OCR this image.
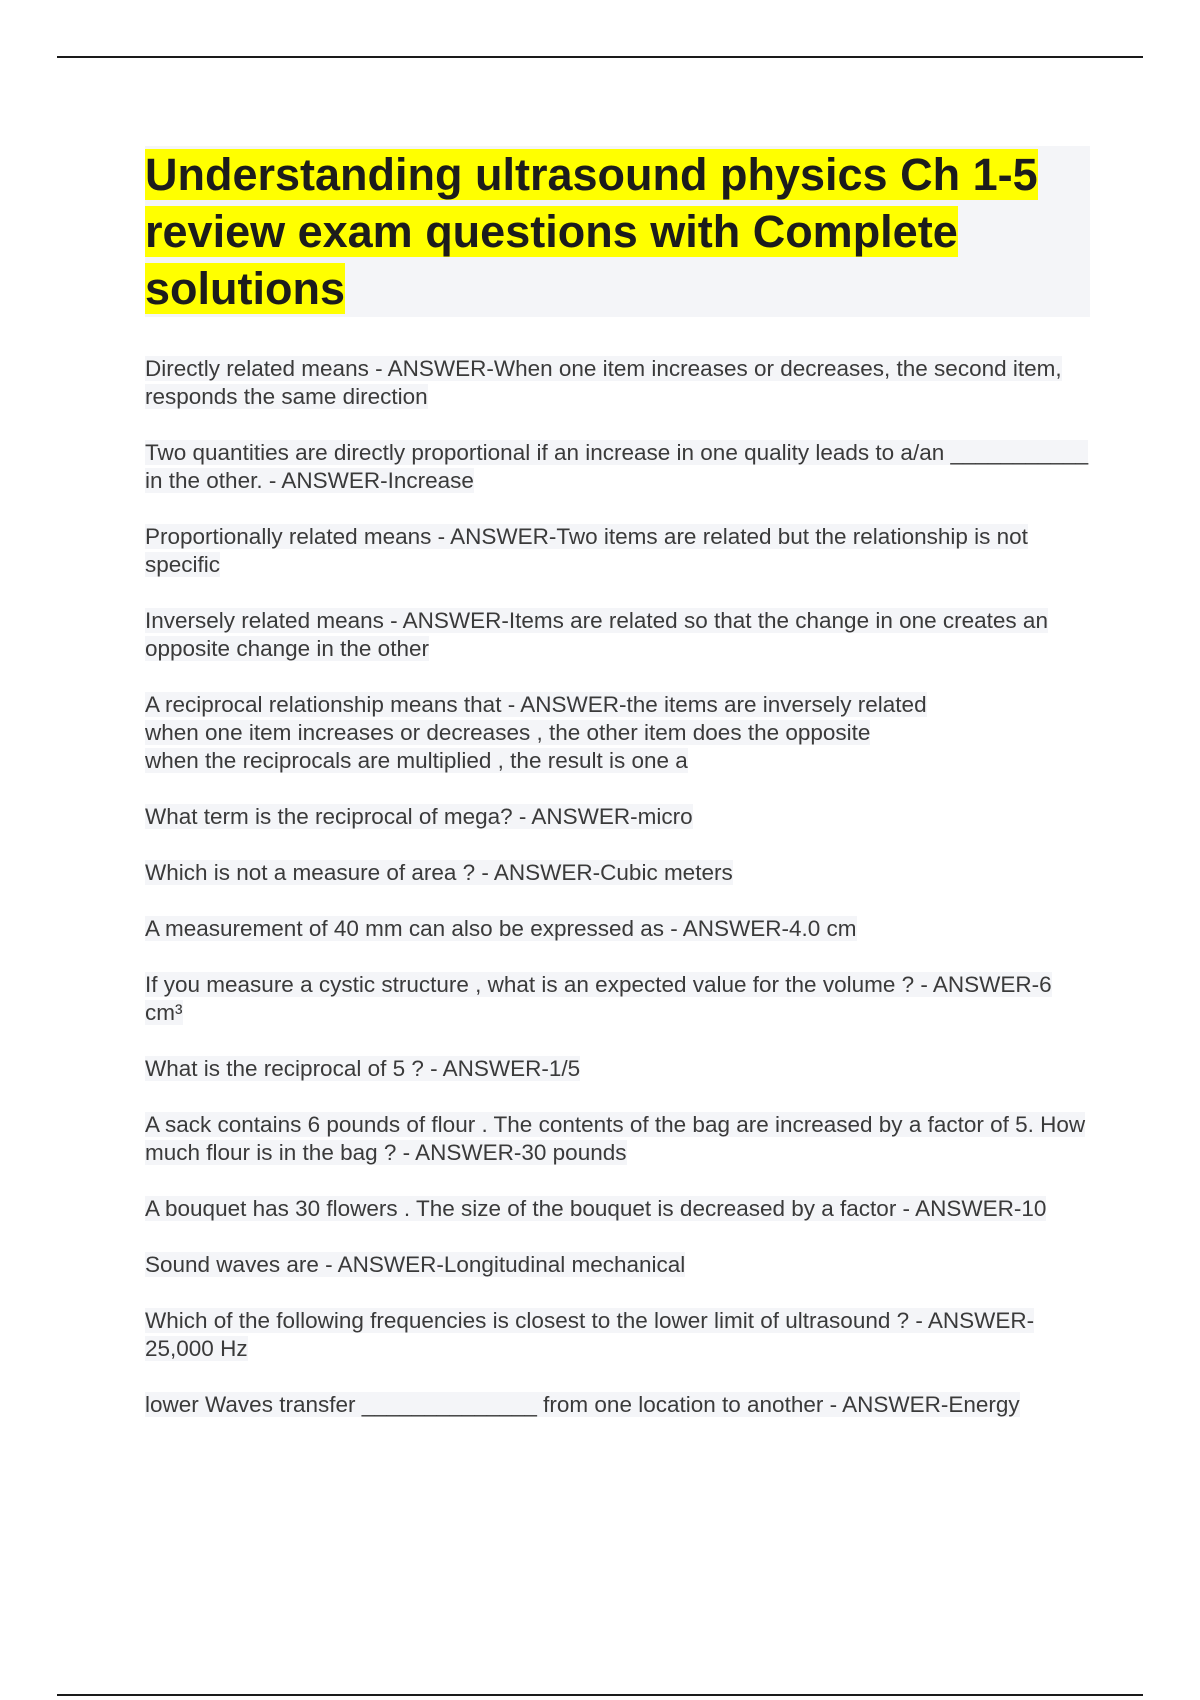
Understanding ultrasound physics Ch 1-5 review exam questions with Complete solutions
Directly related means - ANSWER-When one item increases or decreases, the second item, responds the same direction
Two quantities are directly proportional if an increase in one quality leads to a/an ___________ in the other. - ANSWER-Increase
Proportionally related means - ANSWER-Two items are related but the relationship is not specific
Inversely related means - ANSWER-Items are related so that the change in one creates an opposite change in the other
A reciprocal relationship means that - ANSWER-the items are inversely related
when one item increases or decreases , the other item does the opposite
when the reciprocals are multiplied , the result is one a
What term is the reciprocal of mega? - ANSWER-micro
Which is not a measure of area ? - ANSWER-Cubic meters
A measurement of 40 mm can also be expressed as - ANSWER-4.0 cm
If you measure a cystic structure , what is an expected value for the volume ? - ANSWER-6 cm³
What is the reciprocal of 5 ? - ANSWER-1/5
A sack contains 6 pounds of flour . The contents of the bag are increased by a factor of 5. How much flour is in the bag ? - ANSWER-30 pounds
A bouquet has 30 flowers . The size of the bouquet is decreased by a factor - ANSWER-10
Sound waves are - ANSWER-Longitudinal mechanical
Which of the following frequencies is closest to the lower limit of ultrasound ? - ANSWER-25,000 Hz
lower Waves transfer ______________ from one location to another - ANSWER-Energy
